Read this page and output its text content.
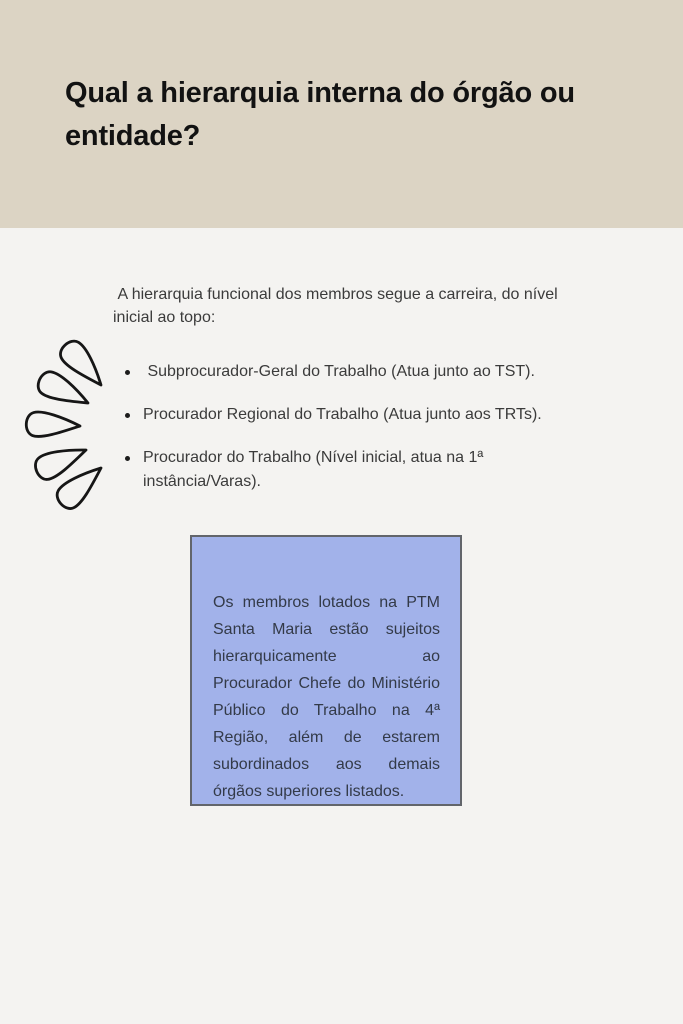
Qual a hierarquia interna do órgão ou
entidade?

A hierarquia funcional dos membros segue a carreira, do nível inicial ao topo:

Subprocurador-Geral do Trabalho (Atua junto ao TST).
Procurador Regional do Trabalho (Atua junto aos TRTs).
Procurador do Trabalho (Nível inicial, atua na 1ª instância/Varas).

Os membros lotados na PTM Santa Maria estão sujeitos hierarquicamente ao Procurador Chefe do Ministério Público do Trabalho na 4ª Região, além de estarem subordinados aos demais órgãos superiores listados.
